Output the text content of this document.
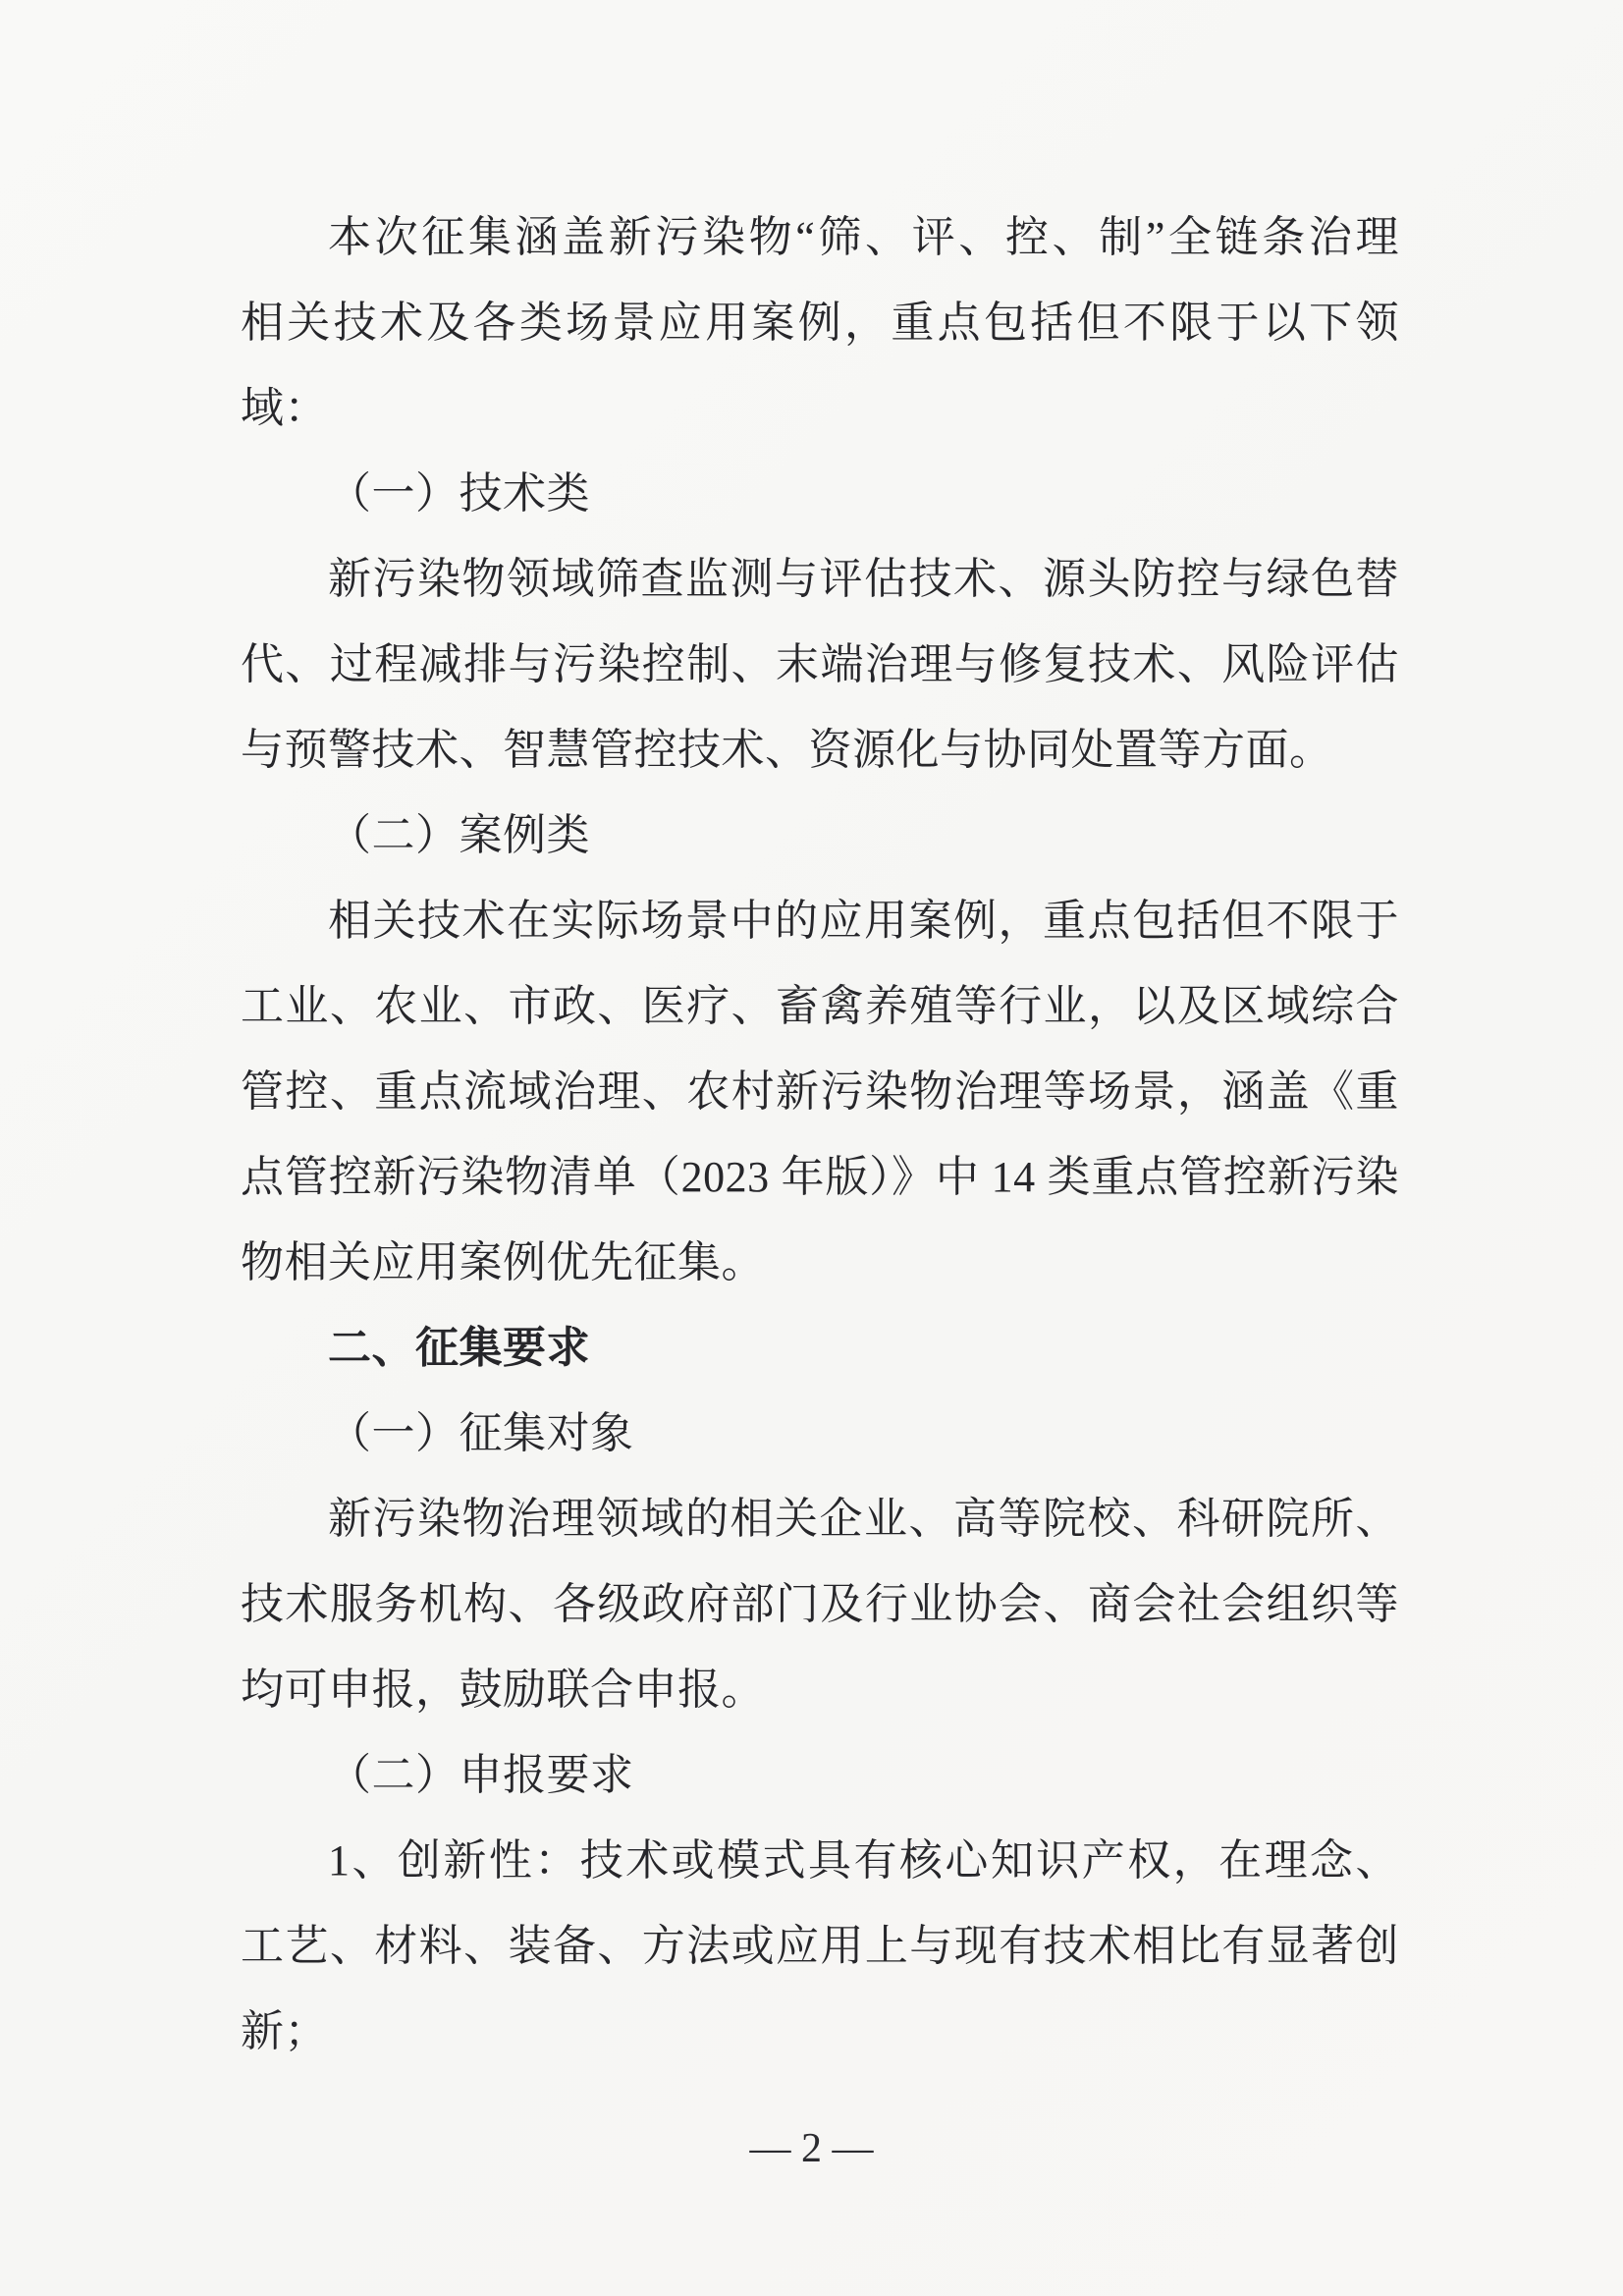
本次征集涵盖新污染物“筛、评、控、制”全链条治理
相关技术及各类场景应用案例，重点包括但不限于以下领
域：
（一）技术类
新污染物领域筛查监测与评估技术、源头防控与绿色替
代、过程减排与污染控制、末端治理与修复技术、风险评估
与预警技术、智慧管控技术、资源化与协同处置等方面。
（二）案例类
相关技术在实际场景中的应用案例，重点包括但不限于
工业、农业、市政、医疗、畜禽养殖等行业，以及区域综合
管控、重点流域治理、农村新污染物治理等场景，涵盖《重
点管控新污染物清单（2023 年版）》中 14 类重点管控新污染
物相关应用案例优先征集。
二、征集要求
（一）征集对象
新污染物治理领域的相关企业、高等院校、科研院所、
技术服务机构、各级政府部门及行业协会、商会社会组织等
均可申报，鼓励联合申报。
（二）申报要求
1、创新性：技术或模式具有核心知识产权，在理念、
工艺、材料、装备、方法或应用上与现有技术相比有显著创
新；
— 2 —
